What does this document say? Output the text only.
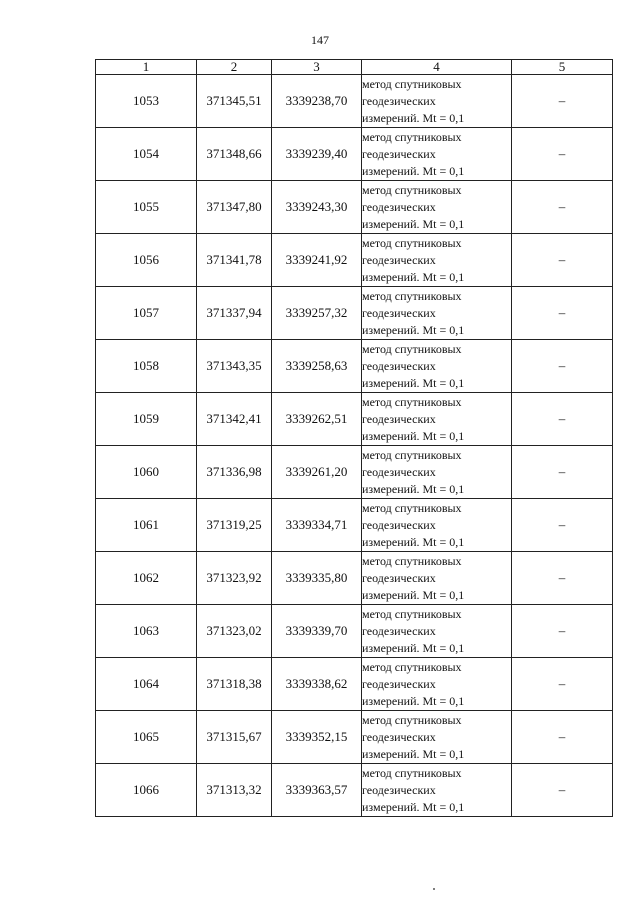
147
1	2	3	4	5
1053	371345,51	3339238,70	метод спутниковых
геодезических
измерений. Mt = 0,1	–
1054	371348,66	3339239,40	метод спутниковых
геодезических
измерений. Mt = 0,1	–
1055	371347,80	3339243,30	метод спутниковых
геодезических
измерений. Mt = 0,1	–
1056	371341,78	3339241,92	метод спутниковых
геодезических
измерений. Mt = 0,1	–
1057	371337,94	3339257,32	метод спутниковых
геодезических
измерений. Mt = 0,1	–
1058	371343,35	3339258,63	метод спутниковых
геодезических
измерений. Mt = 0,1	–
1059	371342,41	3339262,51	метод спутниковых
геодезических
измерений. Mt = 0,1	–
1060	371336,98	3339261,20	метод спутниковых
геодезических
измерений. Mt = 0,1	–
1061	371319,25	3339334,71	метод спутниковых
геодезических
измерений. Mt = 0,1	–
1062	371323,92	3339335,80	метод спутниковых
геодезических
измерений. Mt = 0,1	–
1063	371323,02	3339339,70	метод спутниковых
геодезических
измерений. Mt = 0,1	–
1064	371318,38	3339338,62	метод спутниковых
геодезических
измерений. Mt = 0,1	–
1065	371315,67	3339352,15	метод спутниковых
геодезических
измерений. Mt = 0,1	–
1066	371313,32	3339363,57	метод спутниковых
геодезических
измерений. Mt = 0,1	–
